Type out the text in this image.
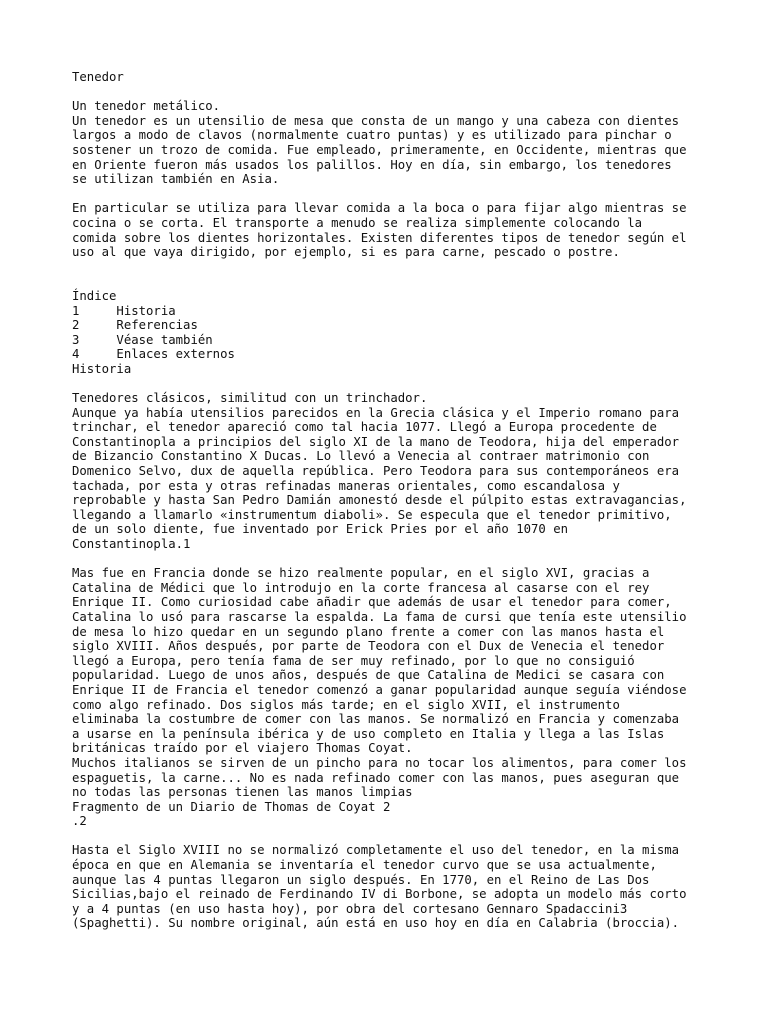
Tenedor
Un tenedor metálico.
Un tenedor es un utensilio de mesa que consta de un mango y una cabeza con dientes
largos a modo de clavos (normalmente cuatro puntas) y es utilizado para pinchar o
sostener un trozo de comida. Fue empleado, primeramente, en Occidente, mientras que
en Oriente fueron más usados los palillos. Hoy en día, sin embargo, los tenedores
se utilizan también en Asia.
En particular se utiliza para llevar comida a la boca o para fijar algo mientras se
cocina o se corta. El transporte a menudo se realiza simplemente colocando la
comida sobre los dientes horizontales. Existen diferentes tipos de tenedor según el
uso al que vaya dirigido, por ejemplo, si es para carne, pescado o postre.
Índice
1     Historia
2     Referencias
3     Véase también
4     Enlaces externos
Historia
Tenedores clásicos, similitud con un trinchador.
Aunque ya había utensilios parecidos en la Grecia clásica y el Imperio romano para
trinchar, el tenedor apareció como tal hacia 1077. Llegó a Europa procedente de
Constantinopla a principios del siglo XI de la mano de Teodora, hija del emperador
de Bizancio Constantino X Ducas. Lo llevó a Venecia al contraer matrimonio con
Domenico Selvo, dux de aquella república. Pero Teodora para sus contemporáneos era
tachada, por esta y otras refinadas maneras orientales, como escandalosa y
reprobable y hasta San Pedro Damián amonestó desde el púlpito estas extravagancias,
llegando a llamarlo «instrumentum diaboli». Se especula que el tenedor primitivo,
de un solo diente, fue inventado por Erick Pries por el año 1070 en
Constantinopla.1
Mas fue en Francia donde se hizo realmente popular, en el siglo XVI, gracias a
Catalina de Médici que lo introdujo en la corte francesa al casarse con el rey
Enrique II. Como curiosidad cabe añadir que además de usar el tenedor para comer,
Catalina lo usó para rascarse la espalda. La fama de cursi que tenía este utensilio
de mesa lo hizo quedar en un segundo plano frente a comer con las manos hasta el
siglo XVIII. Años después, por parte de Teodora con el Dux de Venecia el tenedor
llegó a Europa, pero tenía fama de ser muy refinado, por lo que no consiguió
popularidad. Luego de unos años, después de que Catalina de Medici se casara con
Enrique II de Francia el tenedor comenzó a ganar popularidad aunque seguía viéndose
como algo refinado. Dos siglos más tarde; en el siglo XVII, el instrumento
eliminaba la costumbre de comer con las manos. Se normalizó en Francia y comenzaba
a usarse en la península ibérica y de uso completo en Italia y llega a las Islas
británicas traído por el viajero Thomas Coyat.
Muchos italianos se sirven de un pincho para no tocar los alimentos, para comer los
espaguetis, la carne... No es nada refinado comer con las manos, pues aseguran que
no todas las personas tienen las manos limpias
Fragmento de un Diario de Thomas de Coyat 2
.2
Hasta el Siglo XVIII no se normalizó completamente el uso del tenedor, en la misma
época en que en Alemania se inventaría el tenedor curvo que se usa actualmente,
aunque las 4 puntas llegaron un siglo después. En 1770, en el Reino de Las Dos
Sicilias,bajo el reinado de Ferdinando IV di Borbone, se adopta un modelo más corto
y a 4 puntas (en uso hasta hoy), por obra del cortesano Gennaro Spadaccini3
(Spaghetti). Su nombre original, aún está en uso hoy en día en Calabria (broccia).
